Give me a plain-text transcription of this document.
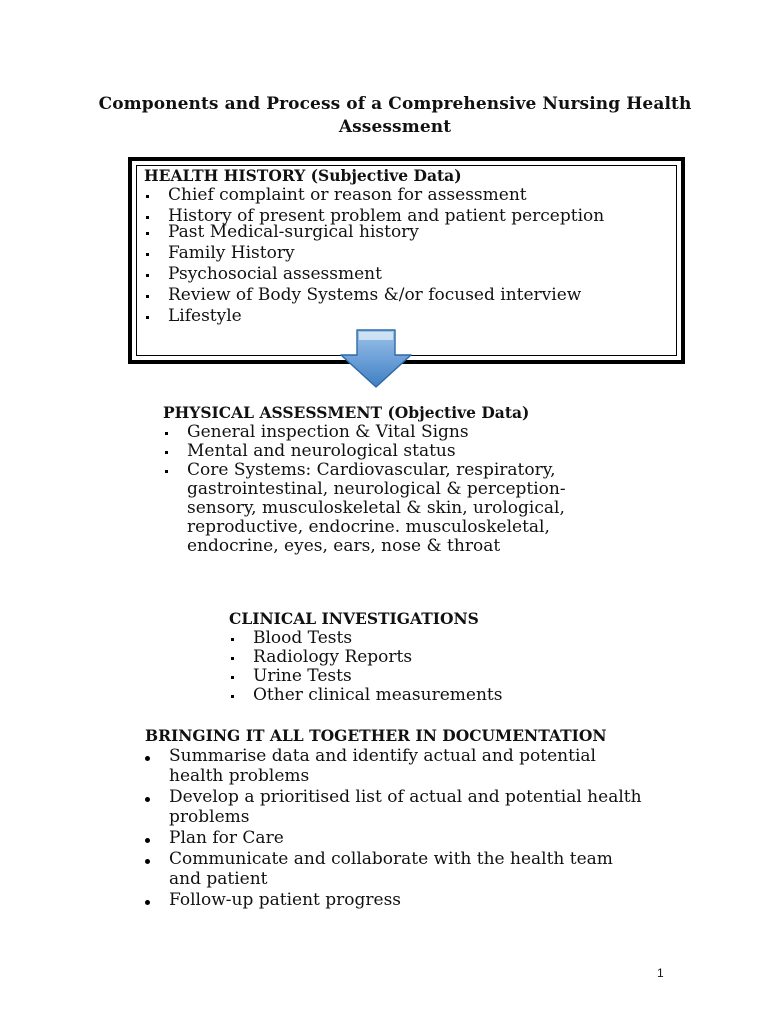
Components and Process of a Comprehensive Nursing Health Assessment

HEALTH HISTORY (Subjective Data)

Chief complaint or reason for assessment
History of present problem and patient perception
Past Medical-surgical history
Family History
Psychosocial assessment
Review of Body Systems &/or focused interview
Lifestyle

PHYSICAL ASSESSMENT (Objective Data)

General inspection & Vital Signs
Mental and neurological status
Core Systems: Cardiovascular, respiratory, gastrointestinal, neurological & perception-sensory, musculoskeletal & skin, urological, reproductive, endocrine. musculoskeletal, endocrine, eyes, ears, nose & throat

CLINICAL INVESTIGATIONS

Blood Tests
Radiology Reports
Urine Tests
Other clinical measurements

BRINGING IT ALL TOGETHER IN DOCUMENTATION

Summarise data and identify actual and potential health problems
Develop a prioritised list of actual and potential health problems
Plan for Care
Communicate and collaborate with the health team and patient
Follow-up patient progress
1
